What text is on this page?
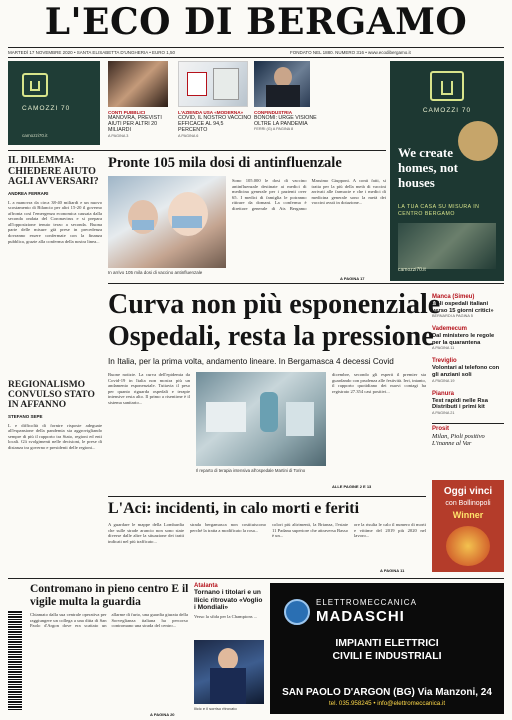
L'ECO DI BERGAMO
MARTEDÌ 17 NOVEMBRE 2020 • SANTA ELISABETTA D'UNGHERIA • EURO 1,50	FONDATO NEL 1880. NUMERO 316 • www.ecodibergamo.it
CAMOZZI 70
camozzi70.it
CONTI PUBBLICI
MANOVRA, PREVISTI AIUTI PER ALTRI 20 MILIARDI
A PAGINA 3
L'AZIENDA USA «MODERNA»
COVID, IL NOSTRO VACCINO EFFICACE AL 94,5 PERCENTO
A PAGINA 6
CONFINDUSTRIA
BONOMI: URGE VISIONE OLTRE LA PANDEMIA
FERRI (G) A PAGINA 8
CAMOZZI 70
We create homes, not houses
LA TUA CASA SU MISURA IN CENTRO BERGAMO
camozzi70.it
IL DILEMMA: CHIEDERE AIUTO AGLI AVVERSARI?
ANDREA FERRARI
L a manovra da circa 38-40 miliardi e un nuovo scostamento di Bilancio per altri 15-20 il governo affronta così l'emergenza economica causata dalla seconda ondata del Coronavirus e si prepara all'opposizione tenuto terzo a seconda. Buona parte delle misure già prese in precedenza dovranno essere confermate con la finanza pubblica, grazie alla conferma della nostra linea...
Pronte 105 mila dosi di antinfluenzale
In arrivo 105 mila dosi di vaccino antinfluenzale
Sono 105.000 le dosi di vaccino antinfluenzale destinate ai medici di medicina generale per i pazienti over 65. I medici di famiglia le potranno ritirare da domani. La conferma è direttore generale di Ats Bergamo Massimo Giupponi. A conti fatti, si tratta per la più della metà di vaccini arrivati alle farmacie e che i medici di medicina generale sono la metà dei vaccini avuti in dotazione...
A PAGINA 17
Curva non più esponenziale
Ospedali, resta la pressione
In Italia, per la prima volta, andamento lineare. In Bergamasca 4 decessi Covid
Manca (Simeu)
«Gli ospedali italiani verso 15 giorni critici»
BERNARDI A PAGINA 5
Vademecum
Dal ministero le regole per la quarantena
A PAGINA 11
Treviglio
Volontari al telefono con gli anziani soli
A PAGINA 19
Pianura
Test rapidi nelle Rsa Distributi i primi kit
A PAGINA 21
Prosit
Milan, Pioli positivo L'inanne al Var
REGIONALISMO CONVULSO STATO IN AFFANNO
STEFANO SEPE
L e difficoltà di fornire risposte adeguate all'espansione della pandemia sta aggrovigliando sempre di più il rapporto tra Stato, regioni ed enti locali. Gli svolgimenti nelle decisioni, le prese di distanza tra governo e presidenti delle regioni...
Buone notizie. La curva dell'epidemia da Covid-19 in Italia non mostra più un andamento esponenziale. Tuttavia il peso per quanto riguarda ospedali e terapie intensive resta alto. Il primo a risentirne è il sistema sanitario...
Il reparto di terapia intensiva all'ospedale Martini di Torino
dicembre, secondo gli esperti il premier sta guardando con prudenza alle festività. Ieri, intanto, il rapporto quotidiano dei nuovi contagi ha registrato 27.354 casi positivi...
ALLE PAGINE 2 E 13	Oggi vinci
con Bollinopoli
Winner
L'Aci: incidenti, in calo morti e feriti
A guardare le mappe della Lombardia che sulle strade arancio non sono state diverse dalle altre la situazione dei tratti indicati nel più trafficato...
strada bergamasca non costituiscono perché la tratta a modificato la rosa...
colori più altrimenti, la Brianza, l'estate 11 Padana superiore che attraversa Basso è un...
ore la risulta le calo il numero di morti e vittime del 2019 più 2020 nel lavoro...
A PAGINA 11
Contromano in pieno centro E il vigile multa la guardia
Chiamato dalla sua centrale operativa per raggiungere un collega a una ditta di San Paolo d'Argon dove era scattato un allarme di furto, una guardia giurata della Sorveglianza italiana ha percorso contromano una strada del centro...
A PAGINA 20
Atalanta
Tornano i titolari e un Ilicic ritrovato «Voglio i Mondiali»
Verso la sfida per la Champions ...
Ilicic e il sorriso ritrovato
ELETTROMECCANICA
MADASCHI
IMPIANTI ELETTRICI
CIVILI E INDUSTRIALI
SAN PAOLO D'ARGON (BG) Via Manzoni, 24
tel. 035.958245 • info@elettromeccanica.it
